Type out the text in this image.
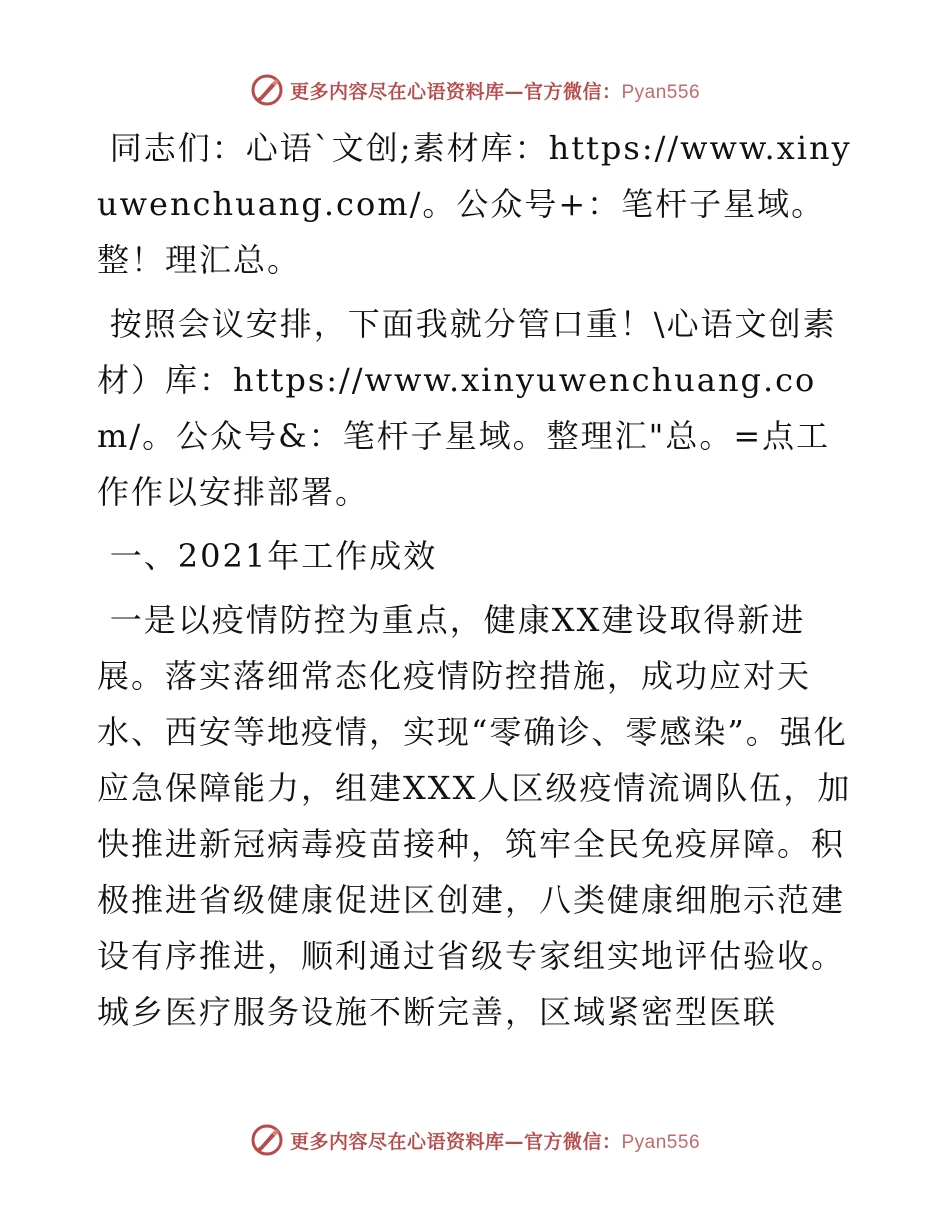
更多内容尽在心语资料库—官方微信：Pyan556

同志们：心语`文创;素材库：https://www.xinyuwenchuang.com/。公众号+：笔杆子星域。整！理汇总。

按照会议安排，下面我就分管口重！\心语文创素材）库：https://www.xinyuwenchuang.com/。公众号&：笔杆子星域。整理汇"总。=点工作作以安排部署。

一、2021年工作成效

一是以疫情防控为重点，健康XX建设取得新进展。落实落细常态化疫情防控措施，成功应对天水、西安等地疫情，实现“零确诊、零感染”。强化应急保障能力，组建XXX人区级疫情流调队伍，加快推进新冠病毒疫苗接种，筑牢全民免疫屏障。积极推进省级健康促进区创建，八类健康细胞示范建设有序推进，顺利通过省级专家组实地评估验收。城乡医疗服务设施不断完善，区域紧密型医联

更多内容尽在心语资料库—官方微信：Pyan556
